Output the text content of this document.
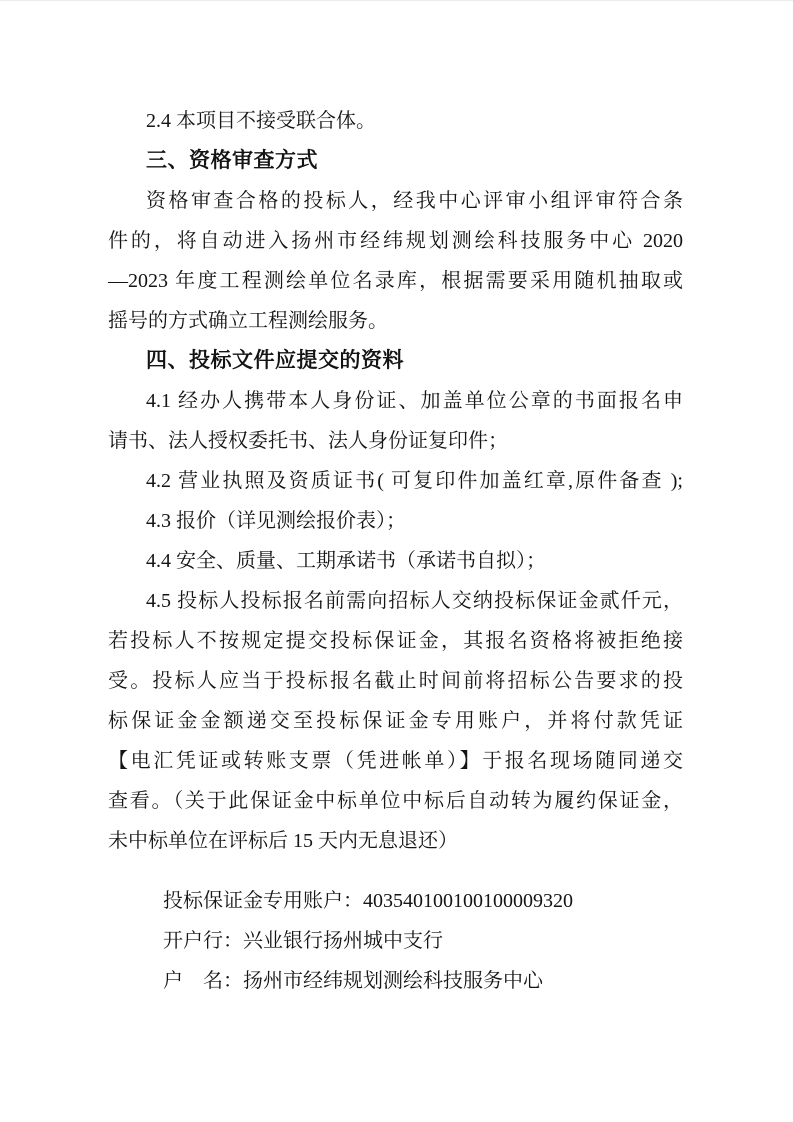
2.4 本项目不接受联合体。
三、资格审查方式
资格审查合格的投标人，经我中心评审小组评审符合条
件的，将自动进入扬州市经纬规划测绘科技服务中心 2020
—2023 年度工程测绘单位名录库，根据需要采用随机抽取或
摇号的方式确立工程测绘服务。
四、投标文件应提交的资料
4.1 经办人携带本人身份证、加盖单位公章的书面报名申
请书、法人授权委托书、法人身份证复印件；
4.2 营业执照及资质证书( 可复印件加盖红章,原件备查 );
4.3 报价（详见测绘报价表）；
4.4 安全、质量、工期承诺书（承诺书自拟）；
4.5 投标人投标报名前需向招标人交纳投标保证金贰仟元，
若投标人不按规定提交投标保证金，其报名资格将被拒绝接
受。投标人应当于投标报名截止时间前将招标公告要求的投
标保证金金额递交至投标保证金专用账户，并将付款凭证
【电汇凭证或转账支票（凭进帐单）】于报名现场随同递交
查看。（关于此保证金中标单位中标后自动转为履约保证金，
未中标单位在评标后 15 天内无息退还）
投标保证金专用账户：403540100100100009320
开户行：兴业银行扬州城中支行
户　名：扬州市经纬规划测绘科技服务中心
